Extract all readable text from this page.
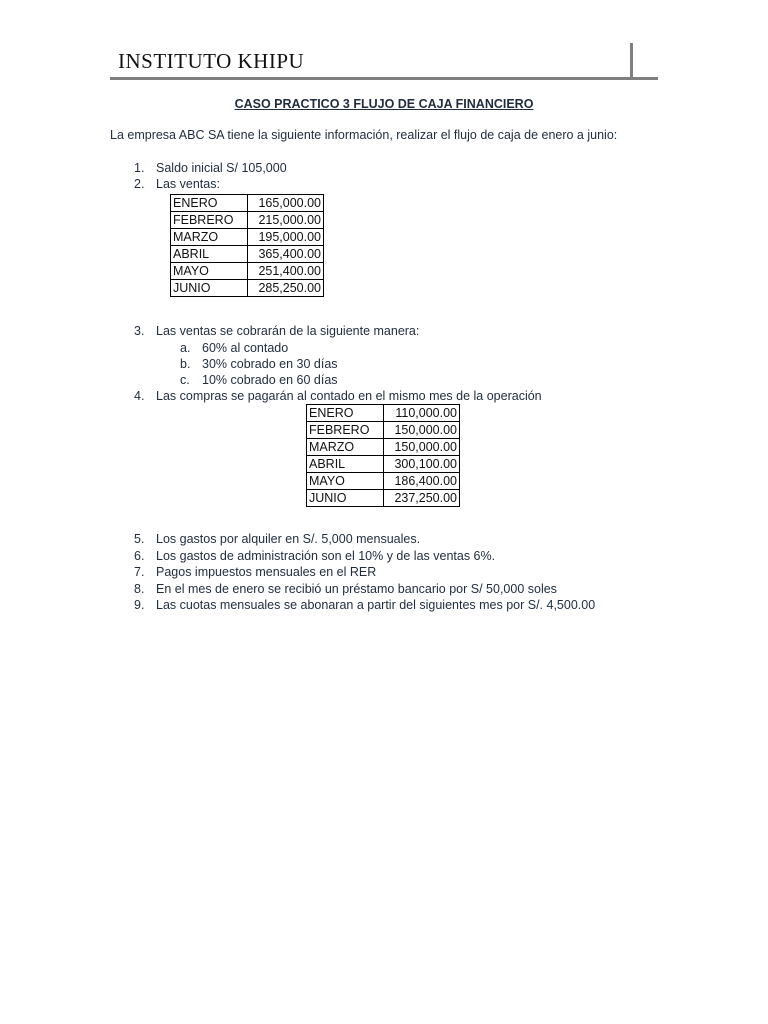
INSTITUTO KHIPU
CASO PRACTICO 3 FLUJO DE CAJA FINANCIERO
La empresa ABC SA tiene la siguiente información, realizar el flujo de caja de enero a junio:
1. Saldo inicial S/ 105,000
2. Las ventas:
ENERO	165,000.00
FEBRERO	215,000.00
MARZO	195,000.00
ABRIL	365,400.00
MAYO	251,400.00
JUNIO	285,250.00
3. Las ventas se cobrarán de la siguiente manera:
a. 60% al contado
b. 30% cobrado en 30 días
c. 10% cobrado en 60 días
4. Las compras se pagarán al contado en el mismo mes de la operación
ENERO	110,000.00
FEBRERO	150,000.00
MARZO	150,000.00
ABRIL	300,100.00
MAYO	186,400.00
JUNIO	237,250.00
5. Los gastos por alquiler en S/. 5,000 mensuales.
6. Los gastos de administración son el 10% y de las ventas 6%.
7. Pagos impuestos mensuales en el RER
8. En el mes de enero se recibió un préstamo bancario por S/ 50,000 soles
9. Las cuotas mensuales se abonaran a partir del siguientes mes por S/. 4,500.00
